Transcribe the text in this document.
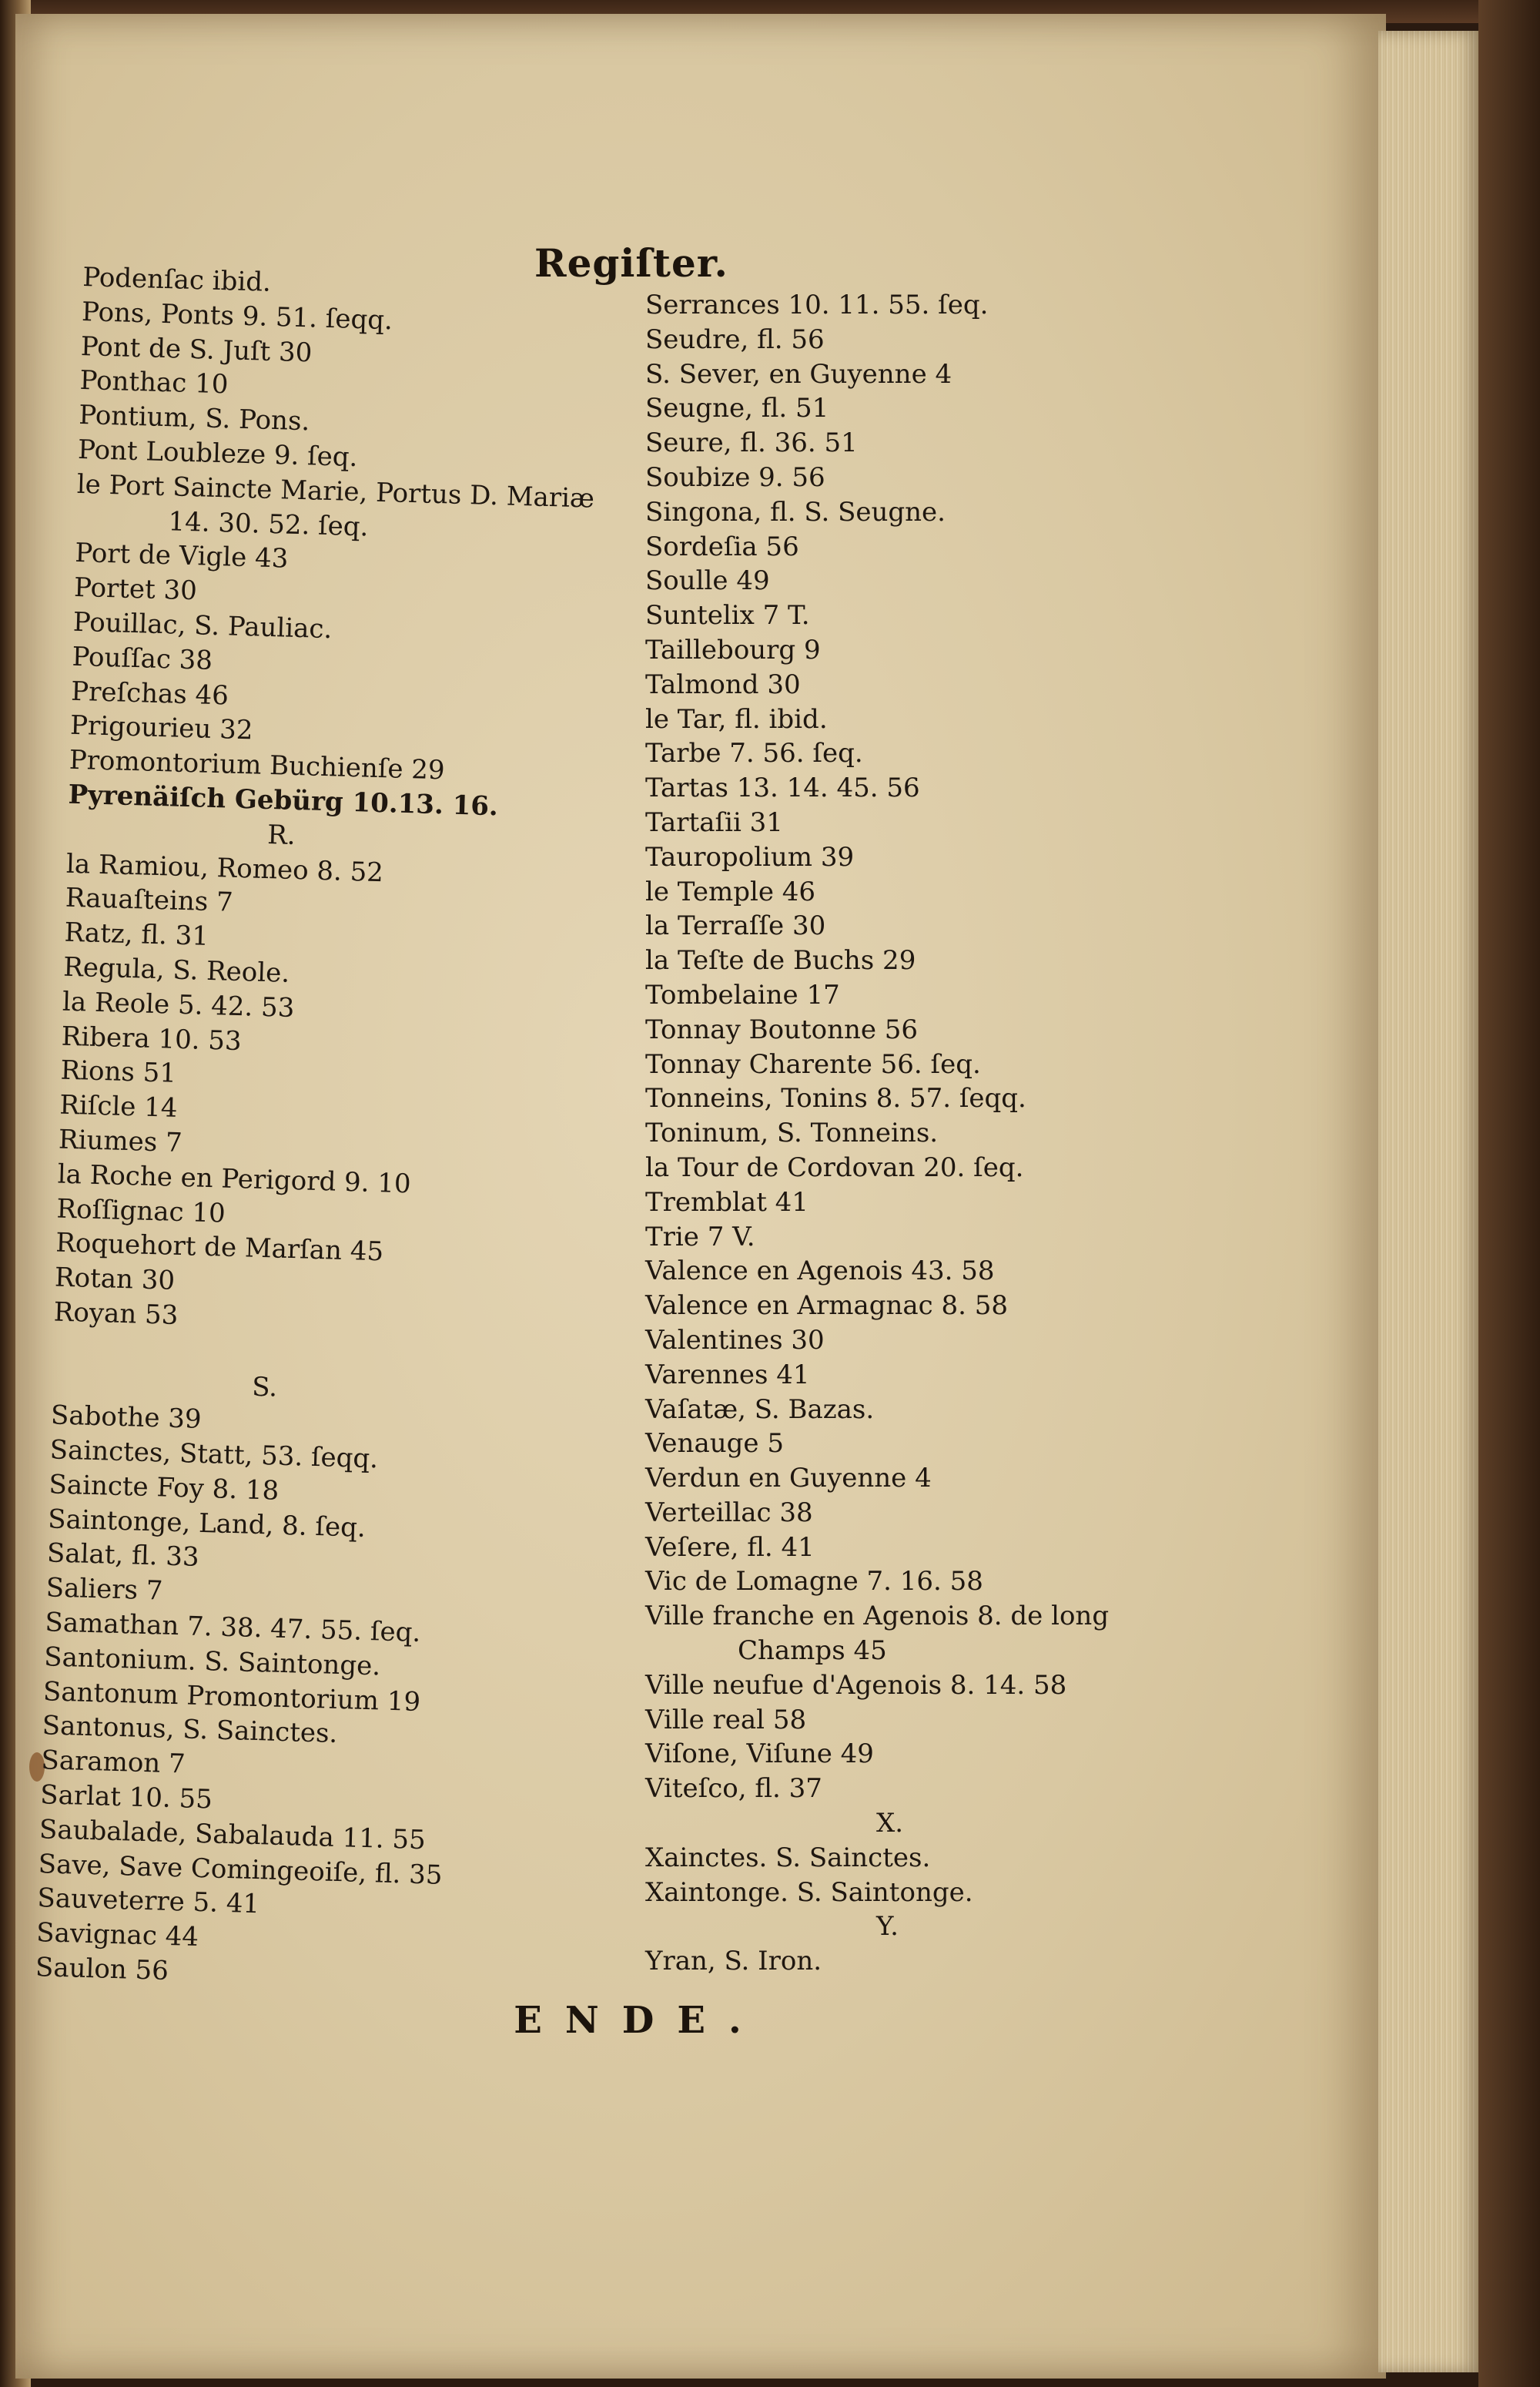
Regiſter.
Podenſac ibid.
Pons, Ponts 9. 51. ſeqq.
Pont de S. Juſt 30
Ponthac 10
Pontium, S. Pons.
Pont Loubleze 9. ſeq.
le Port Saincte Marie, Portus D. Mariæ
14. 30. 52. ſeq.
Port de Vigle 43
Portet 30
Pouillac, S. Pauliac.
Pouſſac 38
Preſchas 46
Prigourieu 32
Promontorium Buchienſe 29
Pyrenäiſch Gebürg 10.13. 16.
R.
la Ramiou, Romeo 8. 52
Rauaſteins 7
Ratz, fl. 31
Regula, S. Reole.
la Reole 5. 42. 53
Ribera 10. 53
Rions 51
Riſcle 14
Riumes 7
la Roche en Perigord 9. 10
Roſſignac 10
Roquehort de Marſan 45
Rotan 30
Royan 53
S.
Sabothe 39
Sainctes, Statt, 53. ſeqq.
Saincte Foy 8. 18
Saintonge, Land, 8. ſeq.
Salat, fl. 33
Saliers 7
Samathan 7. 38. 47. 55. ſeq.
Santonium. S. Saintonge.
Santonum Promontorium 19
Santonus, S. Sainctes.
Saramon 7
Sarlat 10. 55
Saubalade, Sabalauda 11. 55
Save, Save Comingeoiſe, fl. 35
Sauveterre 5. 41
Savignac 44
Saulon 56
Serrances 10. 11. 55. ſeq.
Seudre, fl. 56
S. Sever, en Guyenne 4
Seugne, fl. 51
Seure, fl. 36. 51
Soubize 9. 56
Singona, fl. S. Seugne.
Sordeſia 56
Soulle 49
Suntelix 7 T.
Taillebourg 9
Talmond 30
le Tar, fl. ibid.
Tarbe 7. 56. ſeq.
Tartas 13. 14. 45. 56
Tartaſii 31
Tauropolium 39
le Temple 46
la Terraſſe 30
la Teſte de Buchs 29
Tombelaine 17
Tonnay Boutonne 56
Tonnay Charente 56. ſeq.
Tonneins, Tonins 8. 57. ſeqq.
Toninum, S. Tonneins.
la Tour de Cordovan 20. ſeq.
Tremblat 41
Trie 7 V.
Valence en Agenois 43. 58
Valence en Armagnac 8. 58
Valentines 30
Varennes 41
Vaſatæ, S. Bazas.
Venauge 5
Verdun en Guyenne 4
Verteillac 38
Veſere, fl. 41
Vic de Lomagne 7. 16. 58
Ville franche en Agenois 8. de long
Champs 45
Ville neufue d'Agenois 8. 14. 58
Ville real 58
Viſone, Viſune 49
Viteſco, fl. 37
X.
Xainctes. S. Sainctes.
Xaintonge. S. Saintonge.
Y.
Yran, S. Iron.
ENDE.
